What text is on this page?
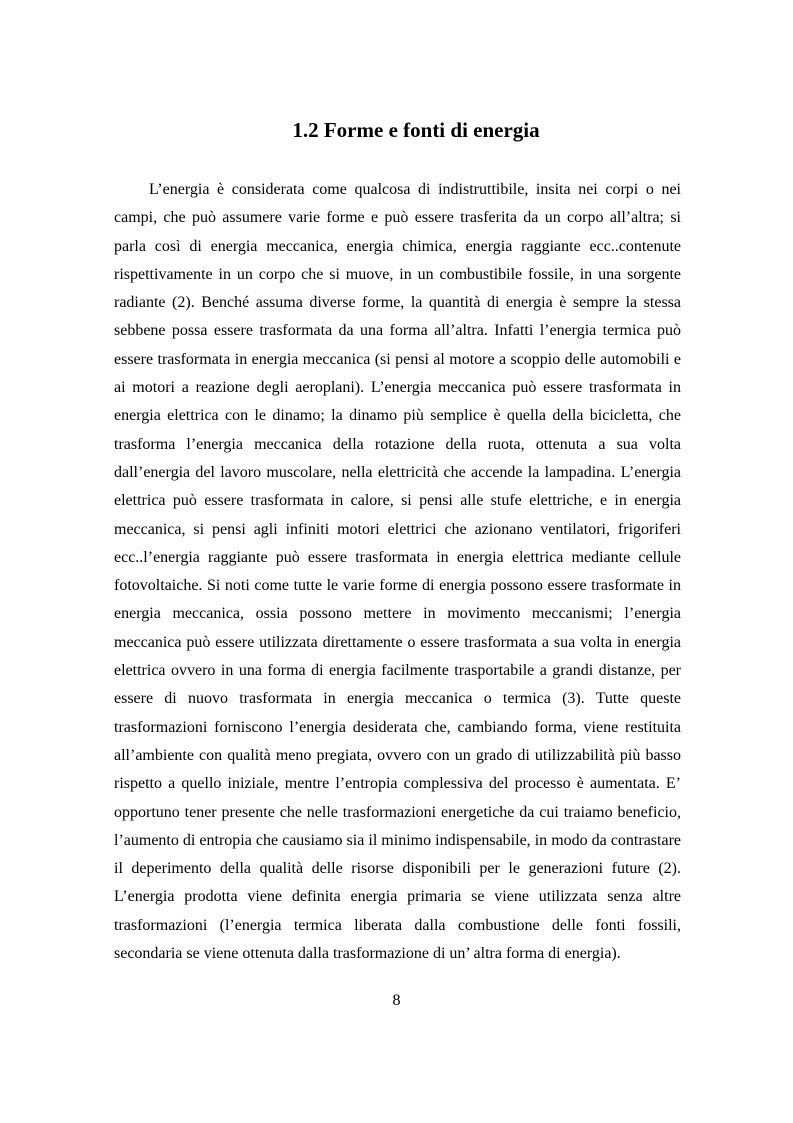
1.2 Forme e fonti di energia
L’energia è considerata come qualcosa di indistruttibile, insita nei corpi o nei
campi, che può assumere varie forme e può essere trasferita da un corpo all’altra; si
parla così di energia meccanica, energia chimica, energia raggiante ecc..contenute
rispettivamente in un corpo che si muove, in un combustibile fossile, in una sorgente
radiante (2). Benché assuma diverse forme, la quantità di energia è sempre la stessa
sebbene possa essere trasformata da una forma all’altra. Infatti l’energia termica può
essere trasformata in energia meccanica (si pensi al motore a scoppio delle automobili e
ai motori a reazione degli aeroplani). L’energia meccanica può essere trasformata in
energia elettrica con le dinamo; la dinamo più semplice è quella della bicicletta, che
trasforma l’energia meccanica della rotazione della ruota, ottenuta a sua volta
dall’energia del lavoro muscolare, nella elettricità che accende la lampadina. L’energia
elettrica può essere trasformata in calore, si pensi alle stufe elettriche, e in energia
meccanica, si pensi agli infiniti motori elettrici che azionano ventilatori, frigoriferi
ecc..l’energia raggiante può essere trasformata in energia elettrica mediante cellule
fotovoltaiche. Si noti come tutte le varie forme di energia possono essere trasformate in
energia meccanica, ossia possono mettere in movimento meccanismi; l’energia
meccanica può essere utilizzata direttamente o essere trasformata a sua volta in energia
elettrica ovvero in una forma di energia facilmente trasportabile a grandi distanze, per
essere di nuovo trasformata in energia meccanica o termica (3). Tutte queste
trasformazioni forniscono l’energia desiderata che, cambiando forma, viene restituita
all’ambiente con qualità meno pregiata, ovvero con un grado di utilizzabilità più basso
rispetto a quello iniziale, mentre l’entropia complessiva del processo è aumentata. E’
opportuno tener presente che nelle trasformazioni energetiche da cui traiamo beneficio,
l’aumento di entropia che causiamo sia il minimo indispensabile, in modo da contrastare
il deperimento della qualità delle risorse disponibili per le generazioni future (2).
L’energia prodotta viene definita energia primaria se viene utilizzata senza altre
trasformazioni (l’energia termica liberata dalla combustione delle fonti fossili,
secondaria se viene ottenuta dalla trasformazione di un’ altra forma di energia).
8
